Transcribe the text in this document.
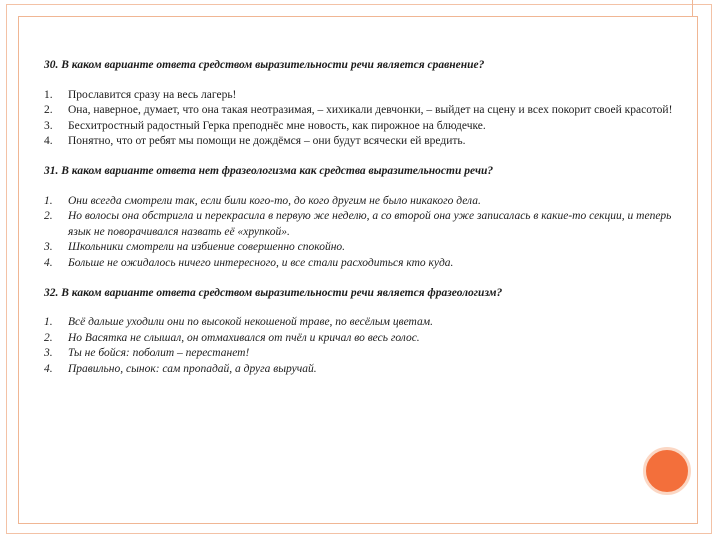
30. В каком варианте ответа средством выразительности речи является сравнение?

1.	Прославится сразу на весь лагерь!
2.	Она, наверное, думает, что она такая неотразимая, – хихикали девчонки, – выйдет на сцену и всех покорит своей красотой!
3.	Бесхитростный радостный Герка преподнёс мне новость, как пирожное на блюдечке.
4.	Понятно, что от ребят мы помощи не дождёмся – они будут всячески ей вредить.

31. В каком варианте ответа нет фразеологизма как средства выразительности речи?

1.	Они всегда смотрели так, если били кого-то, до кого другим не было никакого дела.
2.	Но волосы она обстригла и перекрасила в первую же неделю, а со второй она уже записалась в какие-то секции, и теперь язык не поворачивался назвать её «хрупкой».
3.	Школьники смотрели на избиение совершенно спокойно.
4.	Больше не ожидалось ничего интересного, и все стали расходиться кто куда.

32. В каком варианте ответа средством выразительности речи является фразеологизм?

1.	Всё дальше уходили они по высокой некошеной траве, по весёлым цветам.
2.	Но Васятка не слышал, он отмахивался от пчёл и кричал во весь голос.
3.	Ты не бойся: поболит – перестанет!
4.	Правильно, сынок: сам пропадай, а друга выручай.
